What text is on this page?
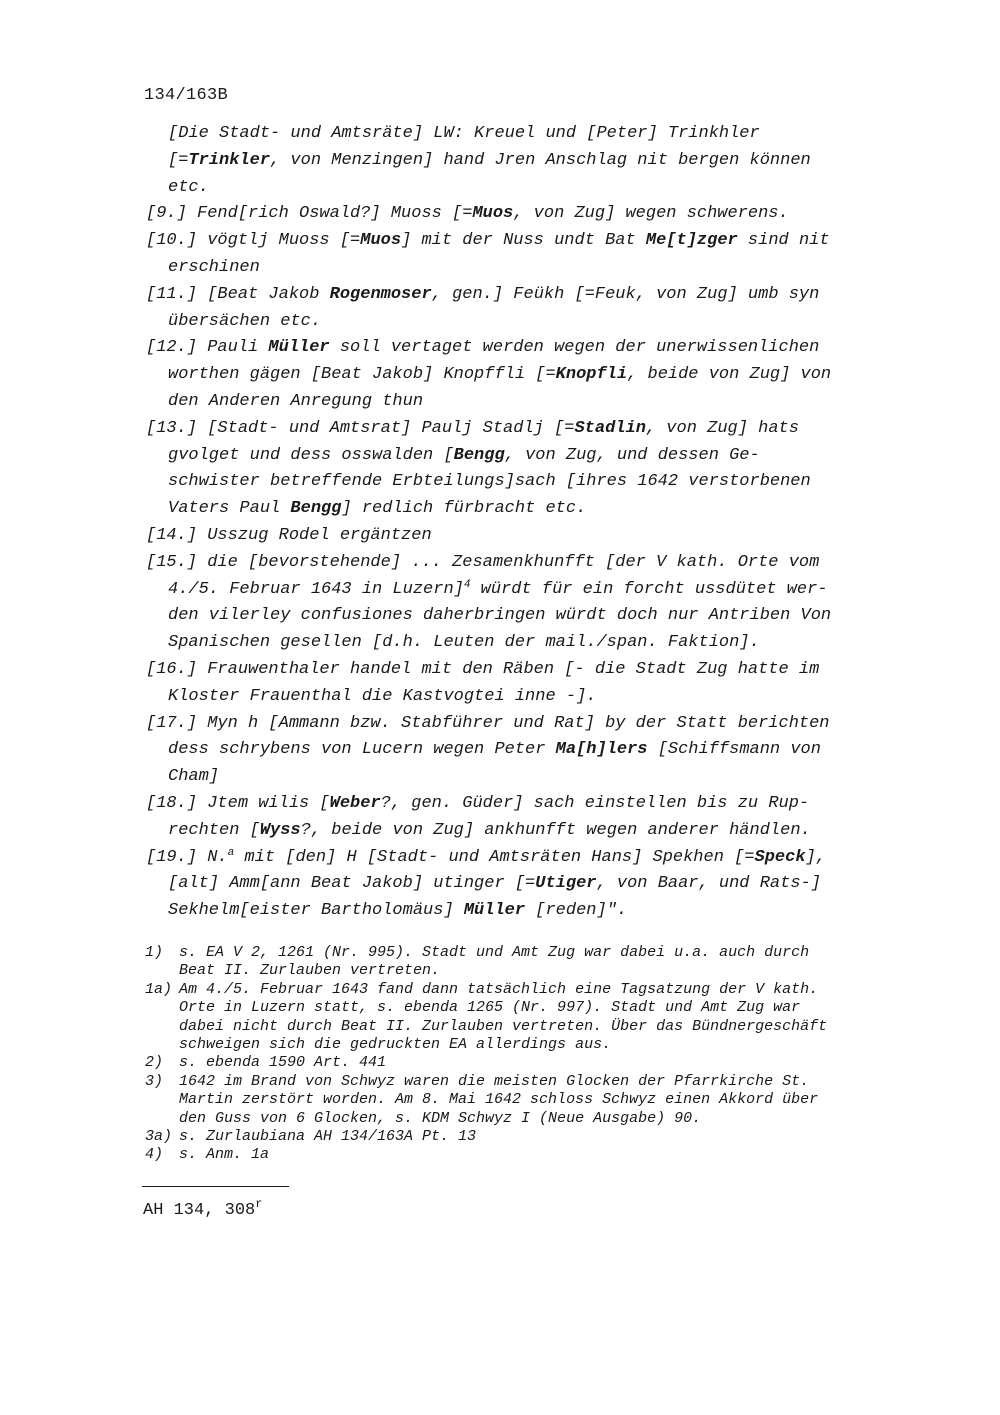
134/163B

[Die Stadt- und Amtsräte] LW: Kreuel und [Peter] Trinkhler
[=Trinkler, von Menzingen] hand Jren Anschlag nit bergen können
etc.

[9.] Fend[rich Oswald?] Muoss [=Muos, von Zug] wegen schwerens.

[10.] vögtlj Muoss [=Muos] mit der Nuss undt Bat Me[t]zger sind nit
erschinen

[11.] [Beat Jakob Rogenmoser, gen.] Feükh [=Feuk, von Zug] umb syn
übersächen etc.

[12.] Pauli Müller soll vertaget werden wegen der unerwissenlichen
worthen gägen [Beat Jakob] Knopffli [=Knopfli, beide von Zug] von
den Anderen Anregung thun

[13.] [Stadt- und Amtsrat] Paulj Stadlj [=Stadlin, von Zug] hats
gvolget und dess osswalden [Bengg, von Zug, und dessen Ge-
schwister betreffende Erbteilungs]sach [ihres 1642 verstorbenen
Vaters Paul Bengg] redlich fürbracht etc.

[14.] Usszug Rodel ergäntzen

[15.] die [bevorstehende] ... Zesamenkhunfft [der V kath. Orte vom
4./5. Februar 1643 in Luzern]$^4$ würdt für ein forcht ussdütet wer-
den vilerley confusiones daherbringen würdt doch nur Antriben Von
Spanischen gesellen [d.h. Leuten der mail./span. Faktion].

[16.] Frauwenthaler handel mit den Räben [- die Stadt Zug hatte im
Kloster Frauenthal die Kastvogtei inne -].

[17.] Myn h [Ammann bzw. Stabführer und Rat] by der Statt berichten
dess schrybens von Lucern wegen Peter Ma[h]lers [Schiffsmann von
Cham]

[18.] Jtem wilis [Weber?, gen. Güder] sach einstellen bis zu Rup-
rechten [Wyss?, beide von Zug] ankhunfft wegen anderer händlen.

[19.] N.$^a$ mit [den] H [Stadt- und Amtsräten Hans] Spekhen [=Speck],
[alt] Amm[ann Beat Jakob] utinger [=Utiger, von Baar, und Rats-]
Sekhelm[eister Bartholomäus] Müller [reden]".

1)	s. EA V 2, 1261 (Nr. 995). Stadt und Amt Zug war dabei u.a. auch durch
Beat II. Zurlauben vertreten.
1a) Am 4./5. Februar 1643 fand dann tatsächlich eine Tagsatzung der V kath.
Orte in Luzern statt, s. ebenda 1265 (Nr. 997). Stadt und Amt Zug war
dabei nicht durch Beat II. Zurlauben vertreten. Über das Bündnergeschäft
schweigen sich die gedruckten EA allerdings aus.
2)	s. ebenda 1590 Art. 441
3)	1642 im Brand von Schwyz waren die meisten Glocken der Pfarrkirche St.
Martin zerstört worden. Am 8. Mai 1642 schloss Schwyz einen Akkord über
den Guss von 6 Glocken, s. KDM Schwyz I (Neue Ausgabe) 90.
3a) s. Zurlaubiana AH 134/163A Pt. 13
4)	s. Anm. 1a
AH 134, 308$^r$
